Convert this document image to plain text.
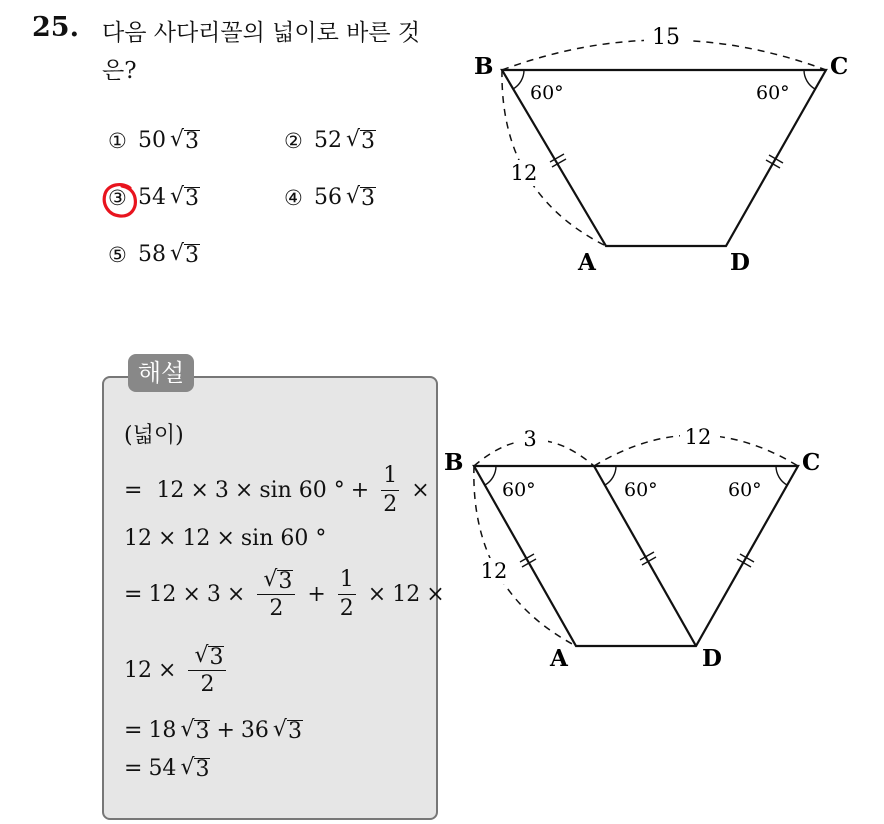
25. 다음 사다리꼴의 넓이로 바른 것은?
① 50 √ 3	② 52 √ 3
③ 54 √ 3	④ 56 √ 3
⑤ 58 √ 3
15
12
60°	60°
B	C
A	D
해설
(넓이)
= 12 × 3 × sin 60 ° + $\frac{1}{2}$ ×
12 × 12 × sin 60 °
= $12 \times 3 \times \frac{√ 3}{2} + \frac{1}{2} \times 12$ ×
$12 \times \frac{√ 3}{2}$
= 18 √ 3 + 36 √ 3
= 54 √ 3
3	12
12
60°	60°	60°
B	C
A	D
